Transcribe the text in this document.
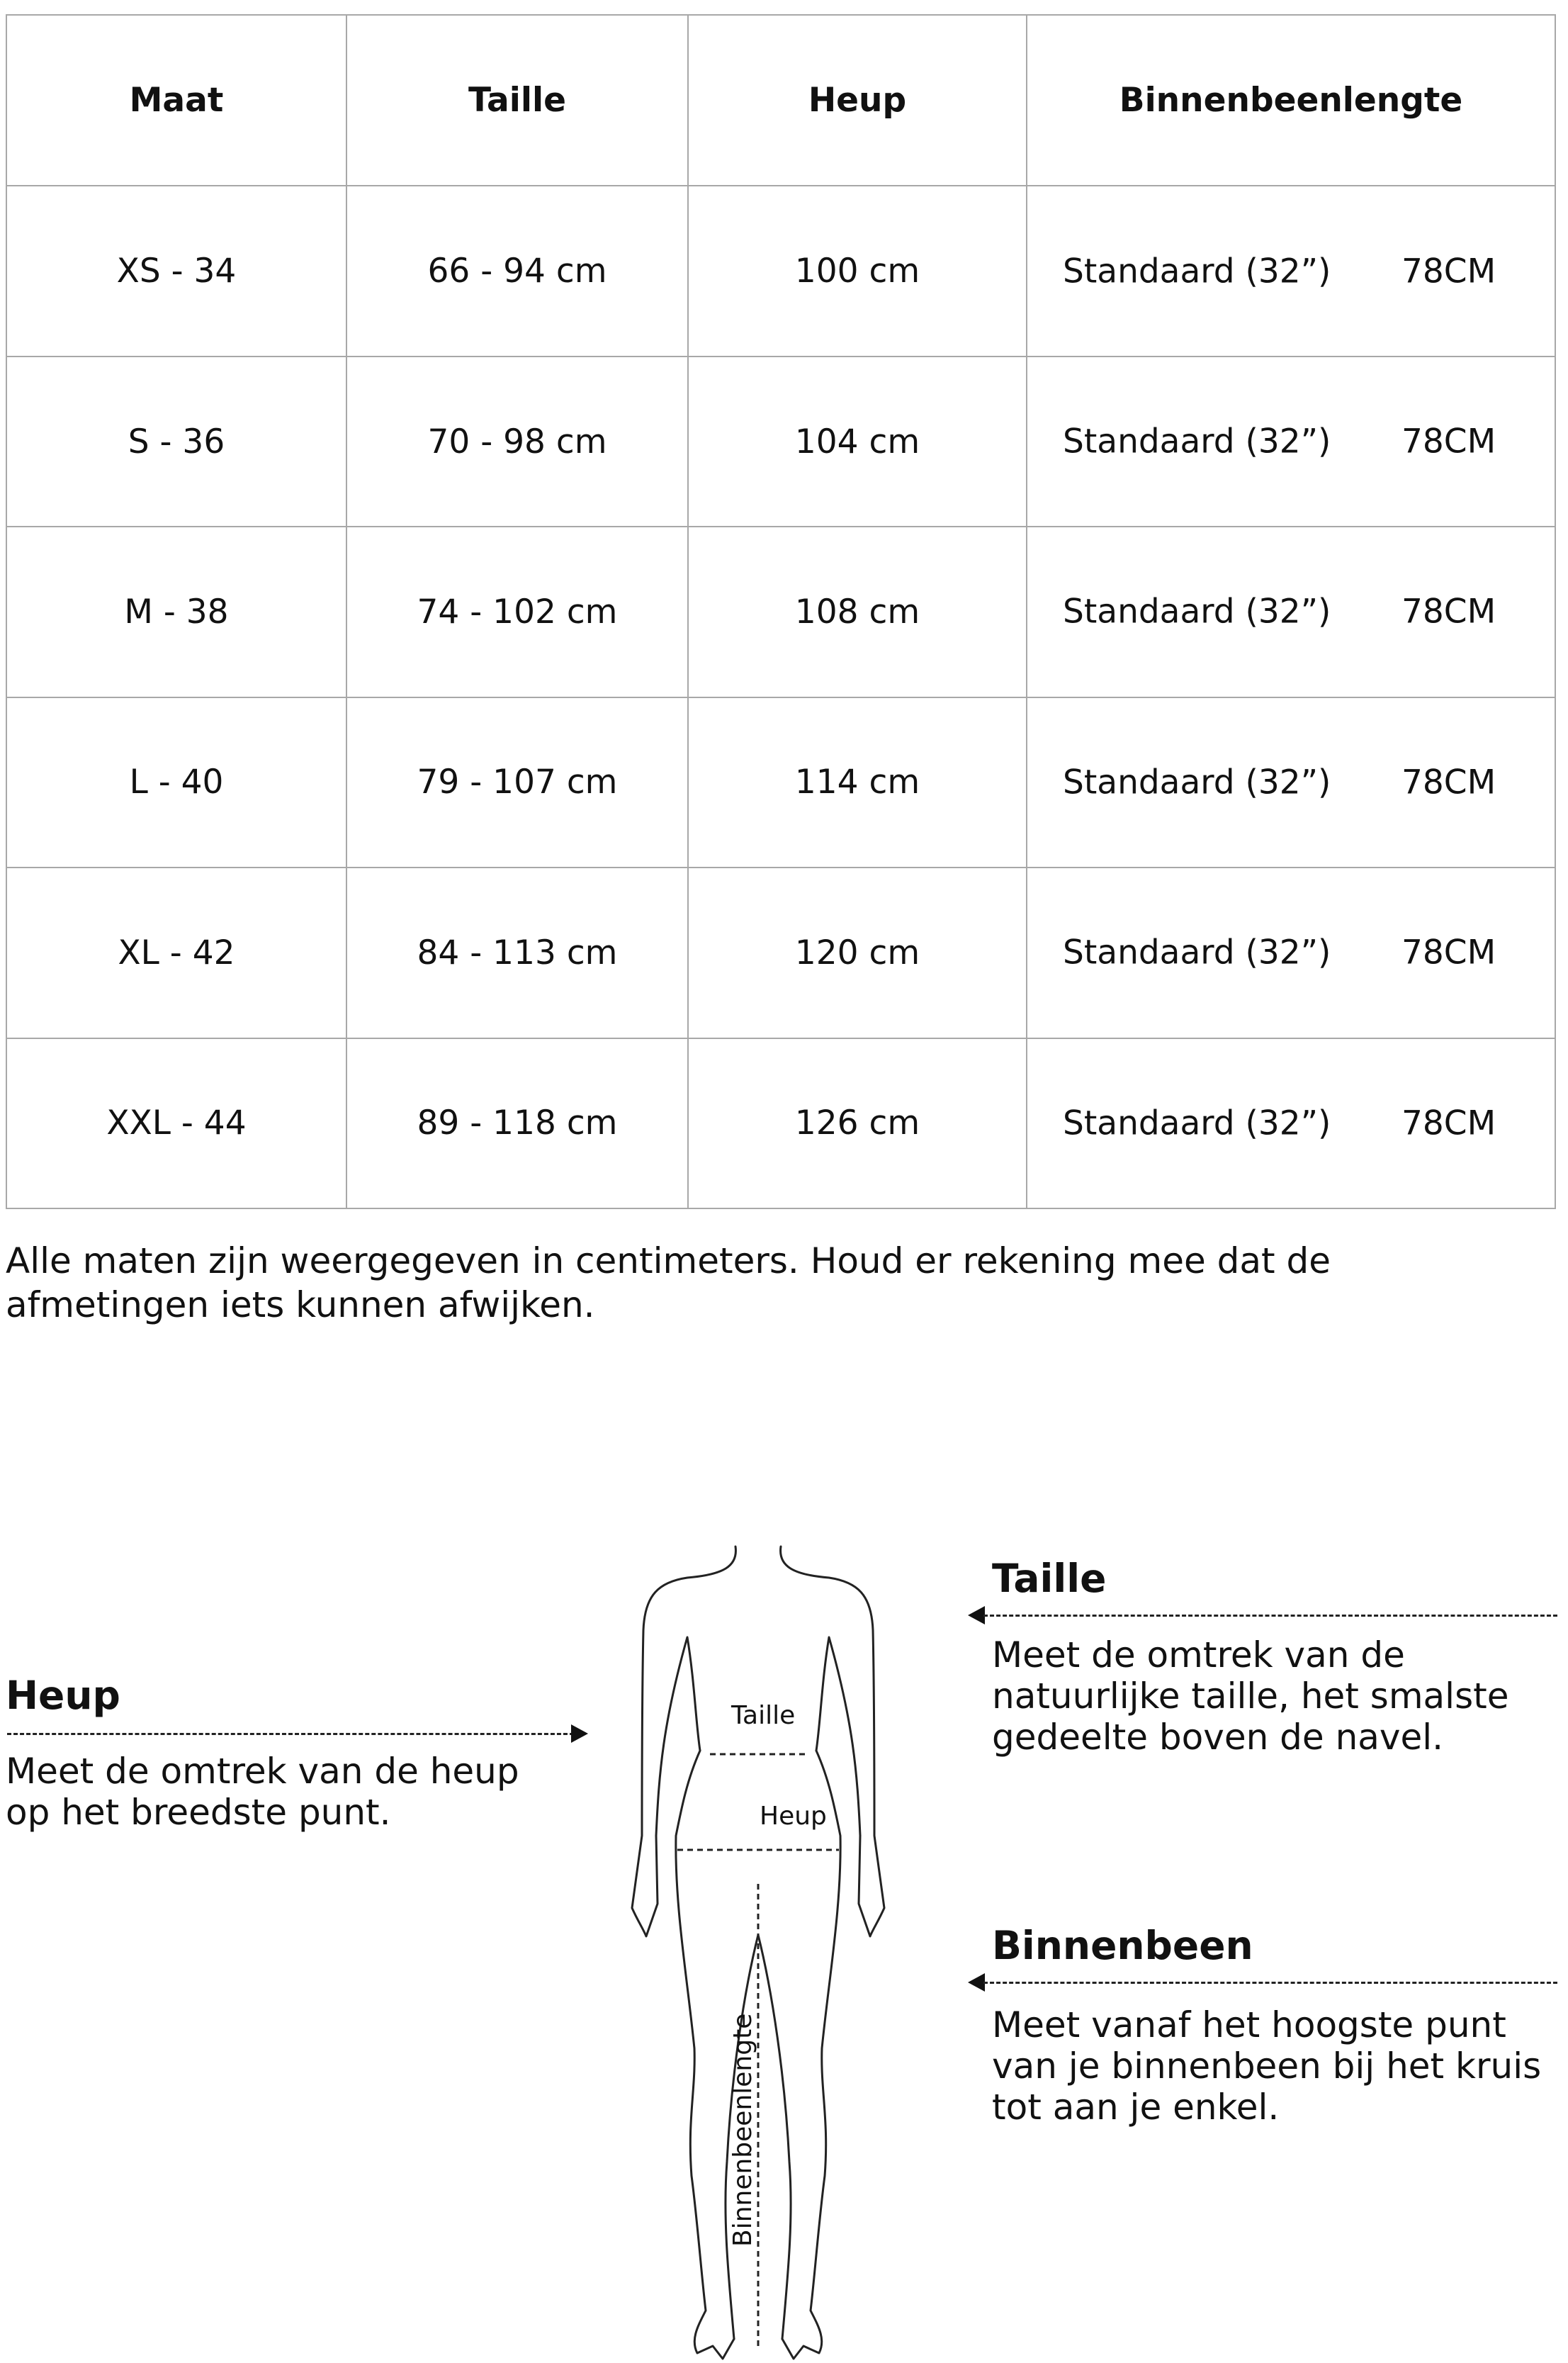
Maat	Taille	Heup	Binnenbeenlengte
XS - 34	66 - 94 cm	100 cm	Standaard (32”) 78CM

S - 36	70 - 98 cm	104 cm	Standaard (32”) 78CM

M - 38	74 - 102 cm	108 cm	Standaard (32”) 78CM

L - 40	79 - 107 cm	114 cm	Standaard (32”) 78CM

XL - 42	84 - 113 cm	120 cm	Standaard (32”) 78CM

XXL - 44	89 - 118 cm	126 cm	Standaard (32”) 78CM

Alle maten zijn weergegeven in centimeters. Houd er rekening mee dat de afmetingen iets kunnen afwijken.

Heup

Meet de omtrek van de heup op het breedste punt.

Taille

Meet de omtrek van de natuurlijke taille, het smalste gedeelte boven de navel.

Binnenbeen

Meet vanaf het hoogste punt van je binnenbeen bij het kruis tot aan je enkel.

Taille
Heup
Binnenbeenlengte
